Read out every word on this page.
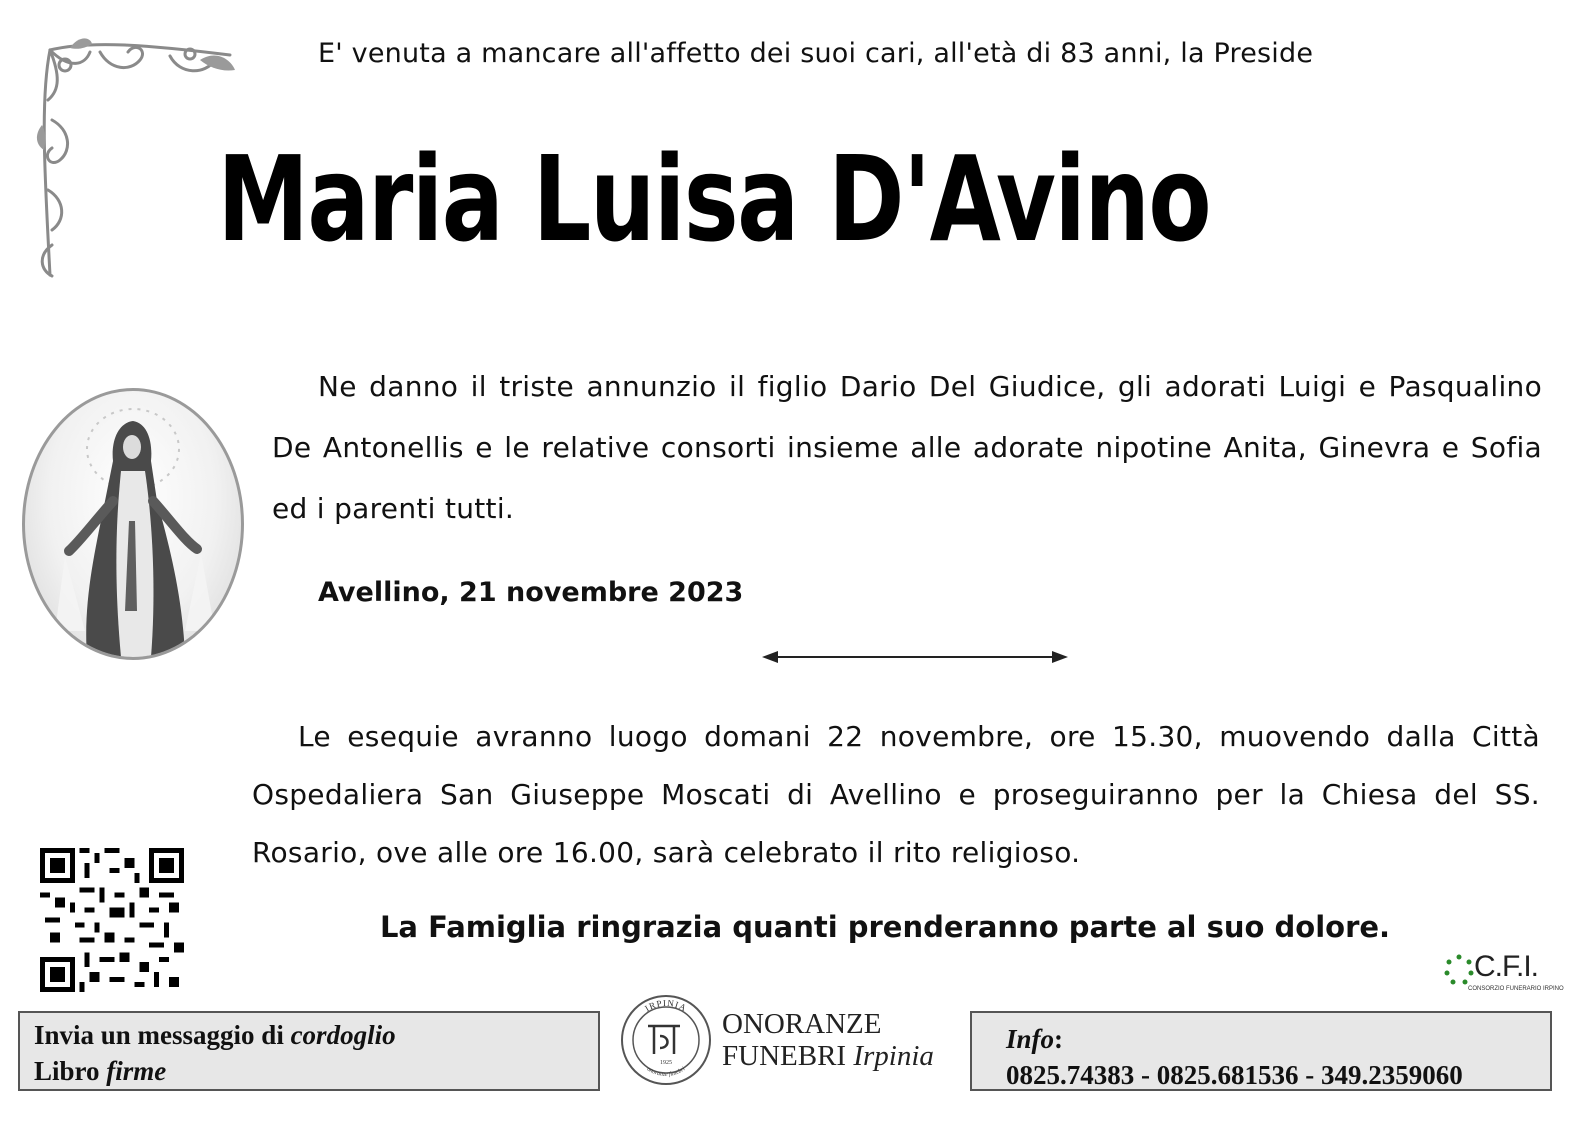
E' venuta a mancare all'affetto dei suoi cari, all'età di 83 anni, la Preside
Maria Luisa D'Avino
Ne danno il triste annunzio il figlio Dario Del Giudice, gli adorati Luigi e Pasqualino De Antonellis e le relative consorti insieme alle adorate nipotine Anita, Ginevra e Sofia ed i parenti tutti.
Avellino, 21 novembre 2023
Le esequie avranno luogo domani 22 novembre, ore 15.30, muovendo dalla Città Ospedaliera San Giuseppe Moscati di Avellino e proseguiranno per la Chiesa del SS. Rosario, ove alle ore 16.00, sarà celebrato il rito religioso.
La Famiglia ringrazia quanti prenderanno parte al suo dolore.
C.F.I.
CONSORZIO FUNERARIO IRPINO
Invia un messaggio di cordoglio
Libro firme
IRPINIA
onoranze funebri
1925
ONORANZE
FUNEBRI Irpinia
Info:
0825.74383 - 0825.681536 - 349.2359060
